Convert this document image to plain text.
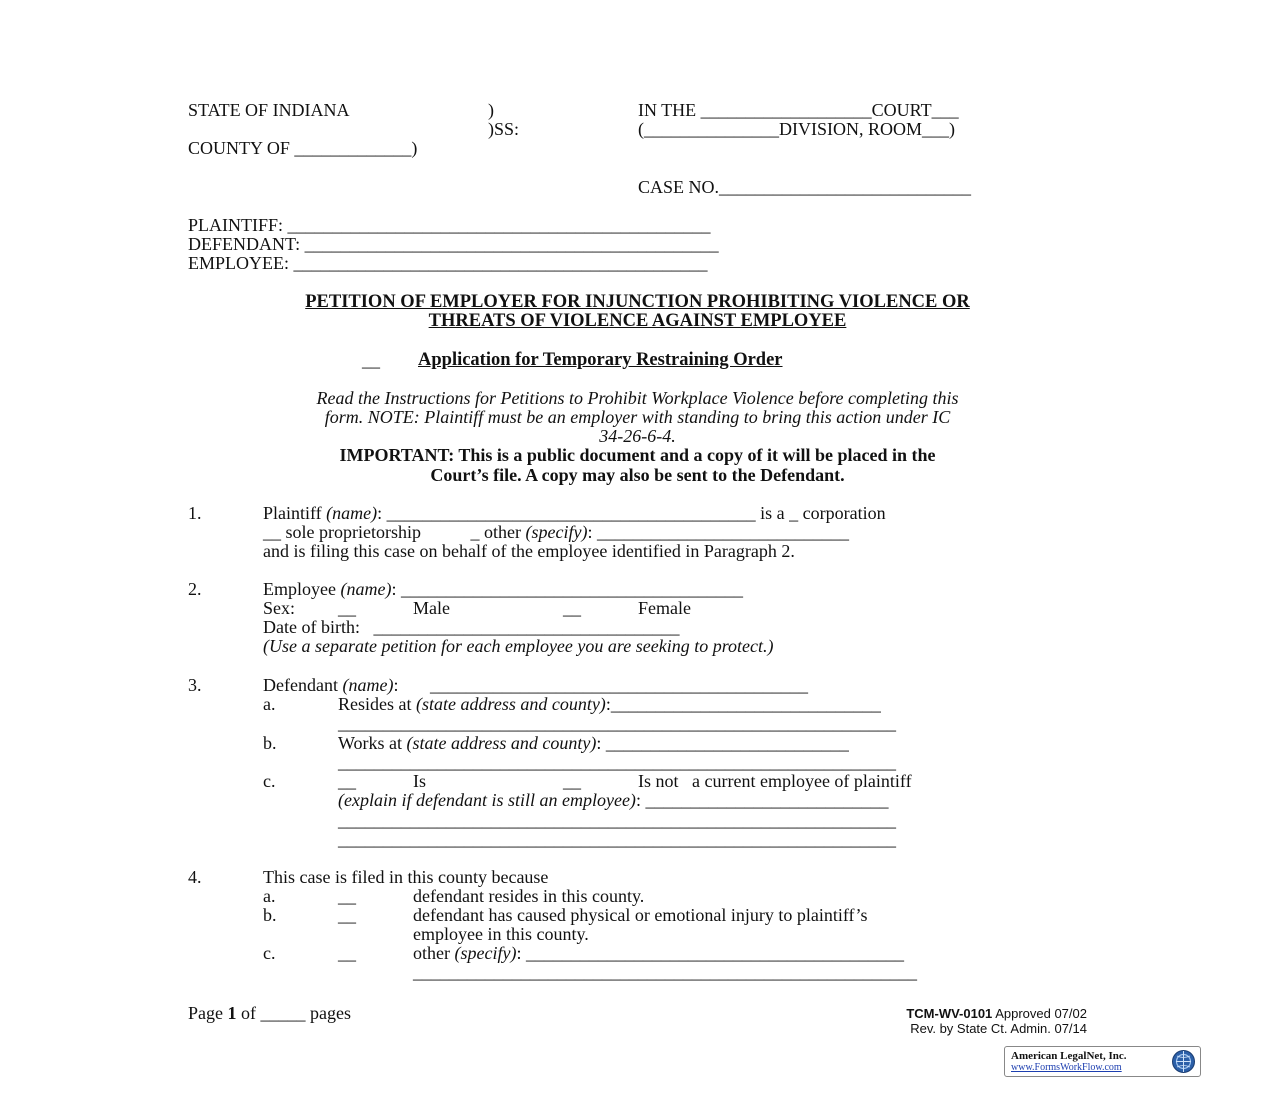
STATE OF INDIANA	)
)SS:
COUNTY OF _____________)
IN THE ___________________COURT___
(_______________DIVISION, ROOM___)
CASE NO.____________________________
PLAINTIFF: _______________________________________________
DEFENDANT: ______________________________________________
EMPLOYEE: ______________________________________________
PETITION OF EMPLOYER FOR INJUNCTION PROHIBITING VIOLENCE OR
THREATS OF VIOLENCE AGAINST EMPLOYEE
__ Application for Temporary Restraining Order
Read the Instructions for Petitions to Prohibit Workplace Violence before completing this
form. NOTE: Plaintiff must be an employer with standing to bring this action under IC
34-26-6-4.
IMPORTANT: This is a public document and a copy of it will be placed in the
Court’s file. A copy may also be sent to the Defendant.
1.	Plaintiff (name): _________________________________________ is a _ corporation
__ sole proprietorship           _ other (specify): ____________________________
and is filing this case on behalf of the employee identified in Paragraph 2.
2.	Employee (name): ______________________________________
Sex: __	Male	__	Female
Date of birth:   __________________________________
(Use a separate petition for each employee you are seeking to protect.)
3.	Defendant (name):       __________________________________________
a.	Resides at (state address and county):______________________________
______________________________________________________________
b.	Works at (state address and county): ___________________________
______________________________________________________________
c.	__	Is	__	Is not   a current employee of plaintiff
(explain if defendant is still an employee): ___________________________
______________________________________________________________
______________________________________________________________
4.	This case is filed in this county because
a.	__	defendant resides in this county.
b.	__	defendant has caused physical or emotional injury to plaintiff’s
employee in this county.
c.	__	other (specify): __________________________________________
________________________________________________________
Page 1 of _____ pages	TCM-WV-0101 Approved 07/02
Rev. by State Ct. Admin. 07/14
American LegalNet, Inc.
www.FormsWorkFlow.com
